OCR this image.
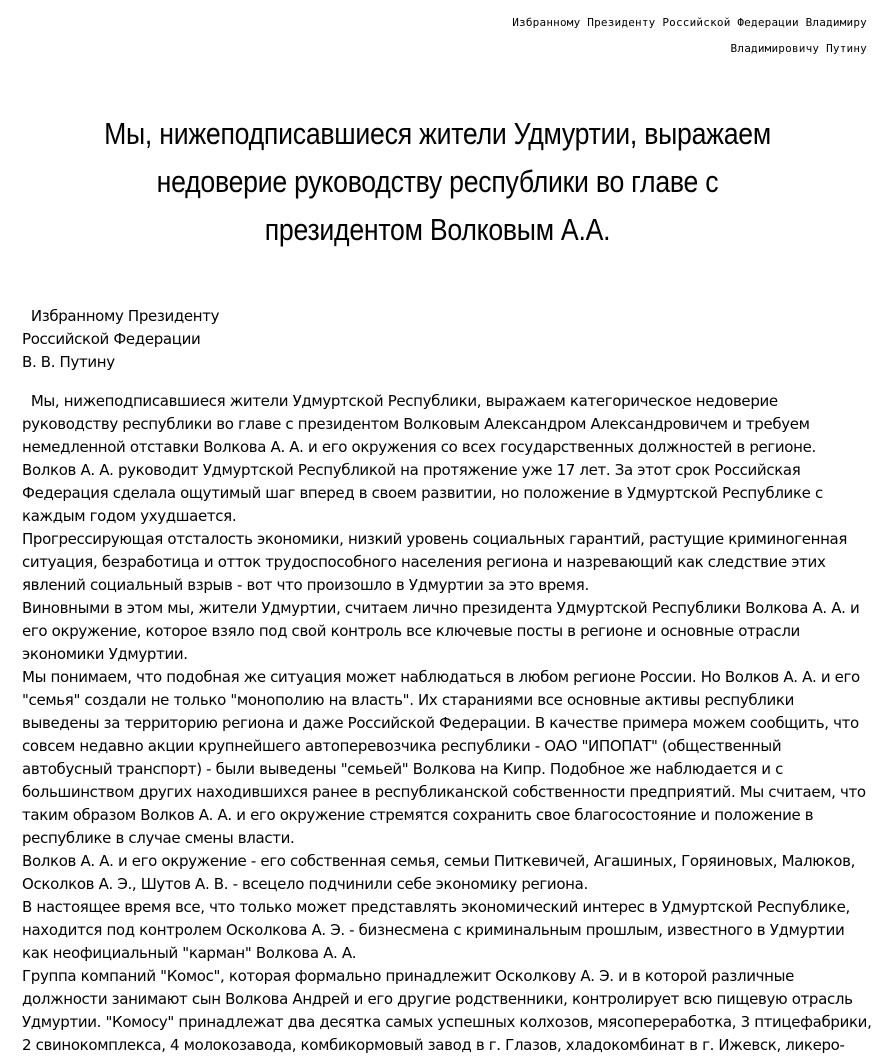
Избранному Президенту Российской Федерации Владимиру
Владимировичу Путину
Мы, нижеподписавшиеся жители Удмуртии, выражаем недоверие руководству республики во главе с президентом Волковым А.А.
Избранному Президенту
Российской Федерации
В. В. Путину

Мы, нижеподписавшиеся жители Удмуртской Республики, выражаем категорическое недоверие руководству республики во главе с президентом Волковым Александром Александровичем и требуем немедленной отставки Волкова А. А. и его окружения со всех государственных должностей в регионе.

Волков А. А. руководит Удмуртской Республикой на протяжение уже 17 лет. За этот срок Российская Федерация сделала ощутимый шаг вперед в своем развитии, но положение в Удмуртской Республике с каждым годом ухудшается.

Прогрессирующая отсталость экономики, низкий уровень социальных гарантий, растущие криминогенная ситуация, безработица и отток трудоспособного населения региона и назревающий как следствие этих явлений социальный взрыв - вот что произошло в Удмуртии за это время.

Виновными в этом мы, жители Удмуртии, считаем лично президента Удмуртской Республики Волкова А. А. и его окружение, которое взяло под свой контроль все ключевые посты в регионе и основные отрасли экономики Удмуртии.

Мы понимаем, что подобная же ситуация может наблюдаться в любом регионе России. Но Волков А. А. и его "семья" создали не только "монополию на власть". Их стараниями все основные активы республики выведены за территорию региона и даже Российской Федерации. В качестве примера можем сообщить, что совсем недавно акции крупнейшего автоперевозчика республики - ОАО "ИПОПАТ" (общественный автобусный транспорт) - были выведены "семьей" Волкова на Кипр. Подобное же наблюдается и с большинством других находившихся ранее в республиканской собственности предприятий. Мы считаем, что таким образом Волков А. А. и его окружение стремятся сохранить свое благосостояние и положение в республике в случае смены власти.

Волков А. А. и его окружение - его собственная семья, семьи Питкевичей, Агашиных, Горяиновых, Малюков, Осколков А. Э., Шутов А. В. - всецело подчинили себе экономику региона.

В настоящее время все, что только может представлять экономический интерес в Удмуртской Республике, находится под контролем Осколкова А. Э. - бизнесмена с криминальным прошлым, известного в Удмуртии как неофициальный "карман" Волкова А. А.

Группа компаний "Комос", которая формально принадлежит Осколкову А. Э. и в которой различные должности занимают сын Волкова Андрей и его другие родственники, контролирует всю пищевую отрасль Удмуртии. "Комосу" принадлежат два десятка самых успешных колхозов, мясопереработка, 3 птицефабрики, 2 свинокомплекса, 4 молокозавода, комбикормовый завод в г. Глазов, хладокомбинат в г. Ижевск, ликеро-
